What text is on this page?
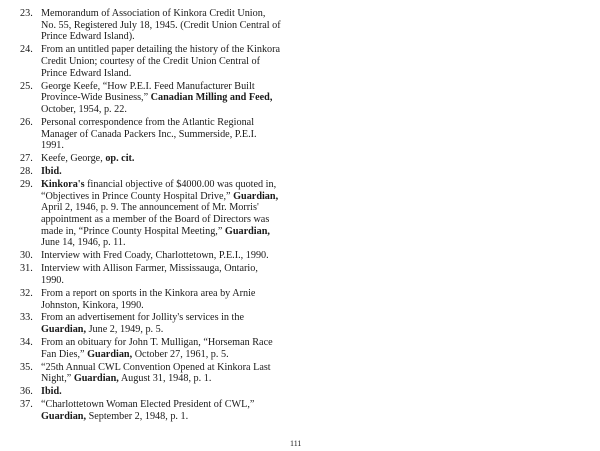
23. Memorandum of Association of Kinkora Credit Union, No. 55, Registered July 18, 1945. (Credit Union Central of Prince Edward Island).
24. From an untitled paper detailing the history of the Kinkora Credit Union; courtesy of the Credit Union Central of Prince Edward Island.
25. George Keefe, “How P.E.I. Feed Manufacturer Built Province-Wide Business,” Canadian Milling and Feed, October, 1954, p. 22.
26. Personal correspondence from the Atlantic Regional Manager of Canada Packers Inc., Summerside, P.E.I. 1991.
27. Keefe, George, op. cit.
28. Ibid.
29. Kinkora's financial objective of $4000.00 was quoted in, “Objectives in Prince County Hospital Drive,” Guardian, April 2, 1946, p. 9. The announcement of Mr. Morris' appointment as a member of the Board of Directors was made in, “Prince County Hospital Meeting,” Guardian, June 14, 1946, p. 11.
30. Interview with Fred Coady, Charlottetown, P.E.I., 1990.
31. Interview with Allison Farmer, Mississauga, Ontario, 1990.
32. From a report on sports in the Kinkora area by Arnie Johnston, Kinkora, 1990.
33. From an advertisement for Jollity's services in the Guardian, June 2, 1949, p. 5.
34. From an obituary for John T. Mulligan, “Horseman Race Fan Dies,” Guardian, October 27, 1961, p. 5.
35. “25th Annual CWL Convention Opened at Kinkora Last Night,” Guardian, August 31, 1948, p. 1.
36. Ibid.
37. “Charlottetown Woman Elected President of CWL,” Guardian, September 2, 1948, p. 1.
111
